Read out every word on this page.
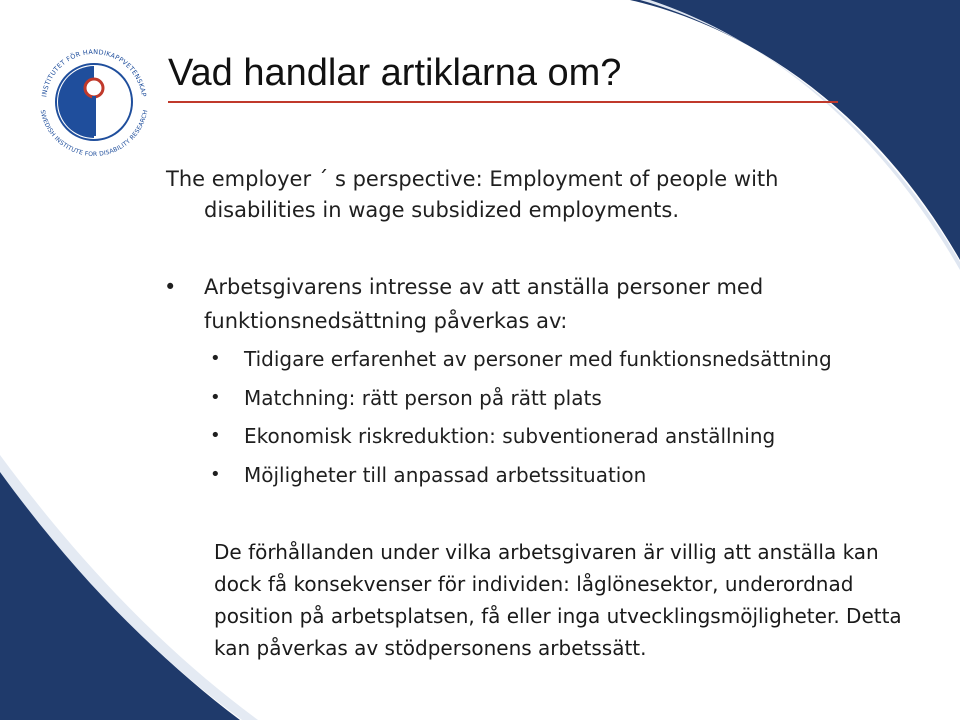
INSTITUTET FÖR HANDIKAPPVETENSKAP
SWEDISH INSTITUTE FOR DISABILITY RESEARCH
Vad handlar artiklarna om?
The employer ´ s perspective: Employment of people with
disabilities in wage subsidized employments.
• Arbetsgivarens intresse av att anställa personer med funktionsnedsättning påverkas av:
• Tidigare erfarenhet av personer med funktionsnedsättning
• Matchning: rätt person på rätt plats
• Ekonomisk riskreduktion: subventionerad anställning
• Möjligheter till anpassad arbetssituation
De förhållanden under vilka arbetsgivaren är villig att anställa kan dock få konsekvenser för individen: låglönesektor, underordnad position på arbetsplatsen, få eller inga utvecklingsmöjligheter. Detta kan påverkas av stödpersonens arbetssätt.
